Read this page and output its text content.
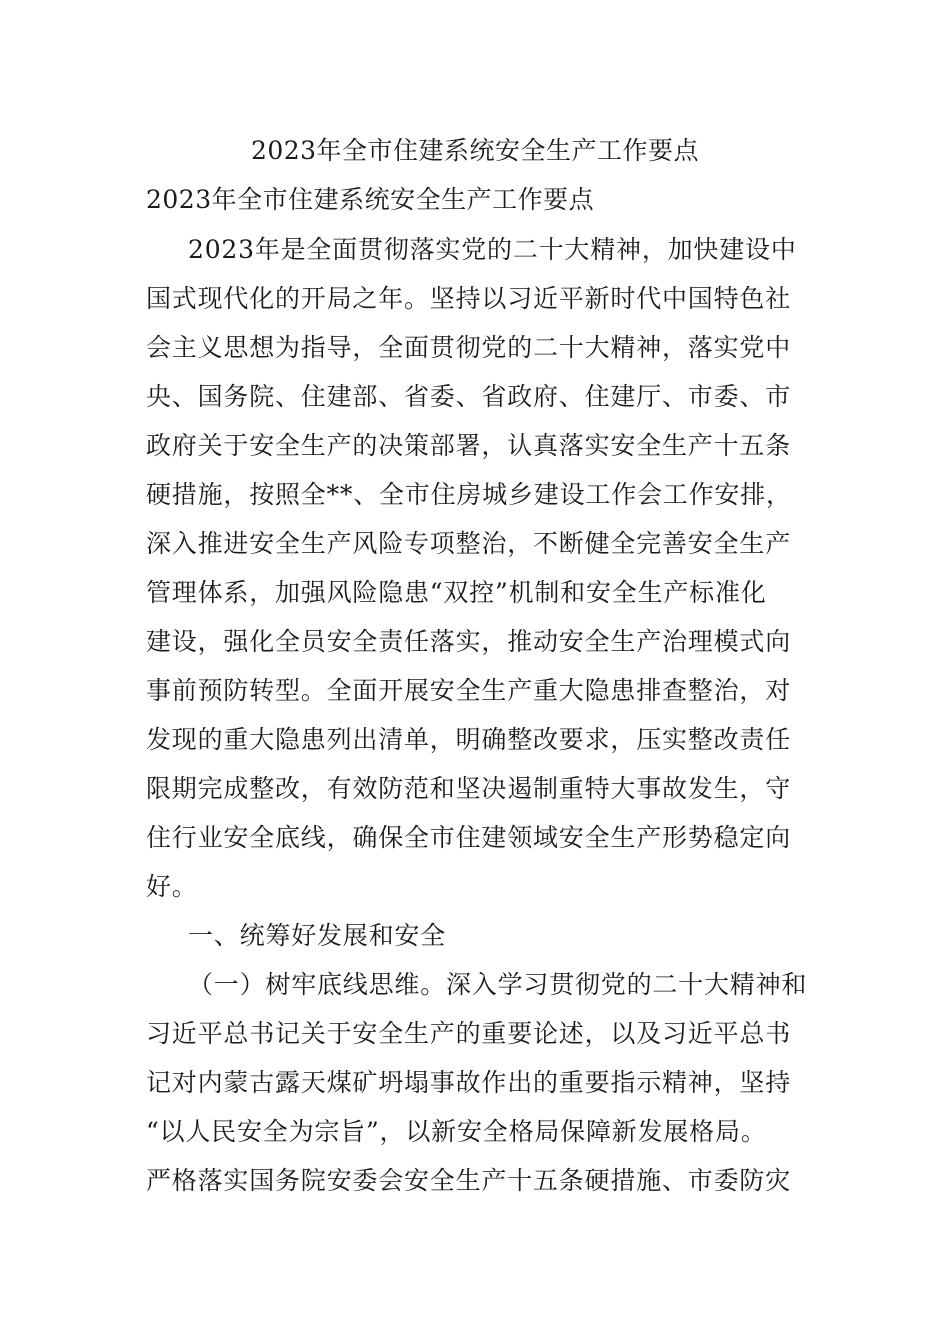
2023年全市住建系统安全生产工作要点
2023年全市住建系统安全生产工作要点
2023年是全面贯彻落实党的二十大精神，加快建设中
国式现代化的开局之年。坚持以习近平新时代中国特色社
会主义思想为指导，全面贯彻党的二十大精神，落实党中
央、国务院、住建部、省委、省政府、住建厅、市委、市
政府关于安全生产的决策部署，认真落实安全生产十五条
硬措施，按照全**、全市住房城乡建设工作会工作安排，
深入推进安全生产风险专项整治，不断健全完善安全生产
管理体系，加强风险隐患“双控”机制和安全生产标准化
建设，强化全员安全责任落实，推动安全生产治理模式向
事前预防转型。全面开展安全生产重大隐患排查整治，对
发现的重大隐患列出清单，明确整改要求，压实整改责任
限期完成整改，有效防范和坚决遏制重特大事故发生，守
住行业安全底线，确保全市住建领域安全生产形势稳定向
好。
一、统筹好发展和安全
（一）树牢底线思维。深入学习贯彻党的二十大精神和
习近平总书记关于安全生产的重要论述，以及习近平总书
记对内蒙古露天煤矿坍塌事故作出的重要指示精神，坚持
“以人民安全为宗旨”，以新安全格局保障新发展格局。
严格落实国务院安委会安全生产十五条硬措施、市委防灾
